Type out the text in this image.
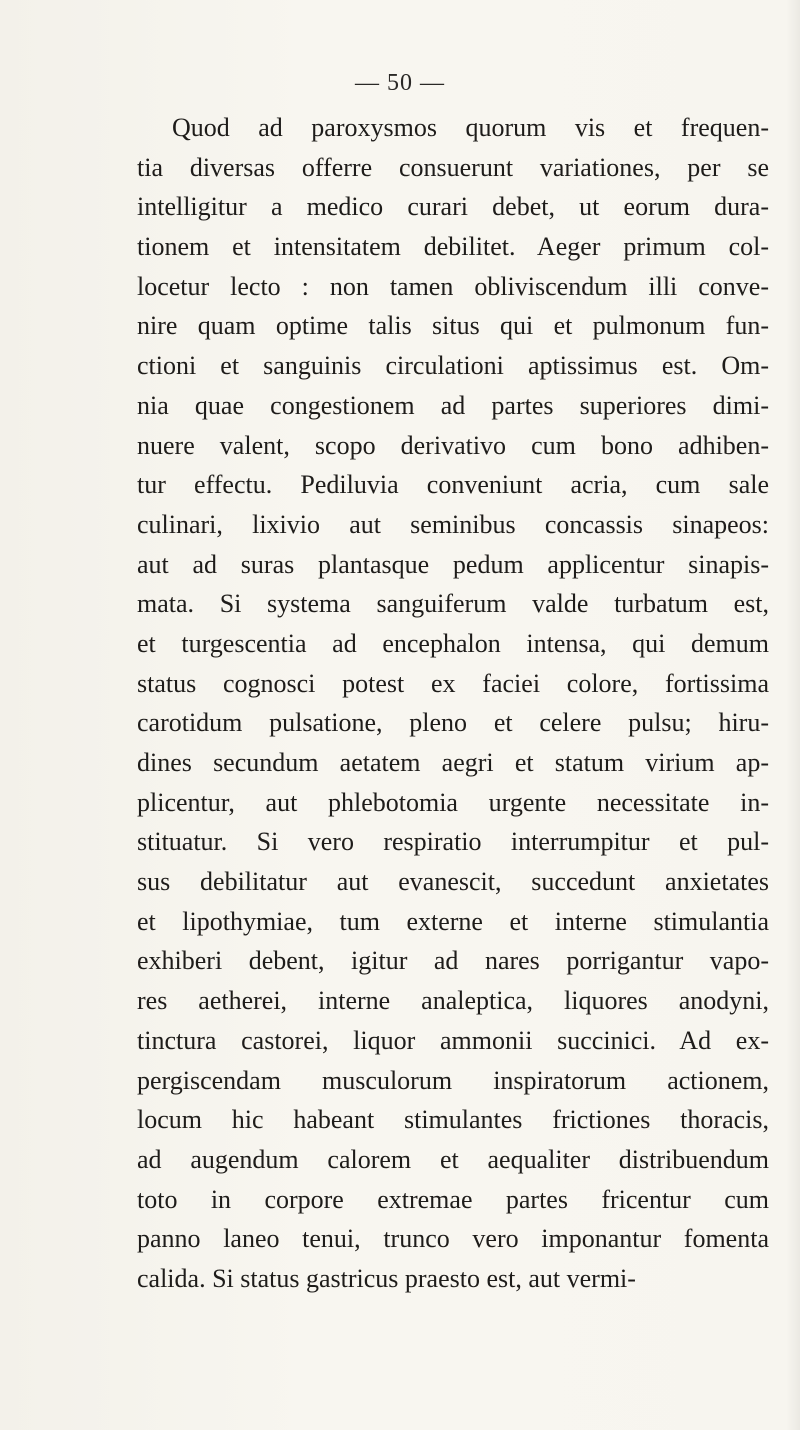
— 50 —
Quod ad paroxysmos quorum vis et frequen-
tia diversas offerre consuerunt variationes, per se
intelligitur a medico curari debet, ut eorum dura-
tionem et intensitatem debilitet. Aeger primum col-
locetur lecto : non tamen obliviscendum illi conve-
nire quam optime talis situs qui et pulmonum fun-
ctioni et sanguinis circulationi aptissimus est. Om-
nia quae congestionem ad partes superiores dimi-
nuere valent, scopo derivativo cum bono adhiben-
tur effectu. Pediluvia conveniunt acria, cum sale
culinari, lixivio aut seminibus concassis sinapeos:
aut ad suras plantasque pedum applicentur sinapis-
mata. Si systema sanguiferum valde turbatum est,
et turgescentia ad encephalon intensa, qui demum
status cognosci potest ex faciei colore, fortissima
carotidum pulsatione, pleno et celere pulsu; hiru-
dines secundum aetatem aegri et statum virium ap-
plicentur, aut phlebotomia urgente necessitate in-
stituatur. Si vero respiratio interrumpitur et pul-
sus debilitatur aut evanescit, succedunt anxietates
et lipothymiae, tum externe et interne stimulantia
exhiberi debent, igitur ad nares porrigantur vapo-
res aetherei, interne analeptica, liquores anodyni,
tinctura castorei, liquor ammonii succinici. Ad ex-
pergiscendam musculorum inspiratorum actionem,
locum hic habeant stimulantes frictiones thoracis,
ad augendum calorem et aequaliter distribuendum
toto in corpore extremae partes fricentur cum
panno laneo tenui, trunco vero imponantur fomenta
calida. Si status gastricus praesto est, aut vermi-
